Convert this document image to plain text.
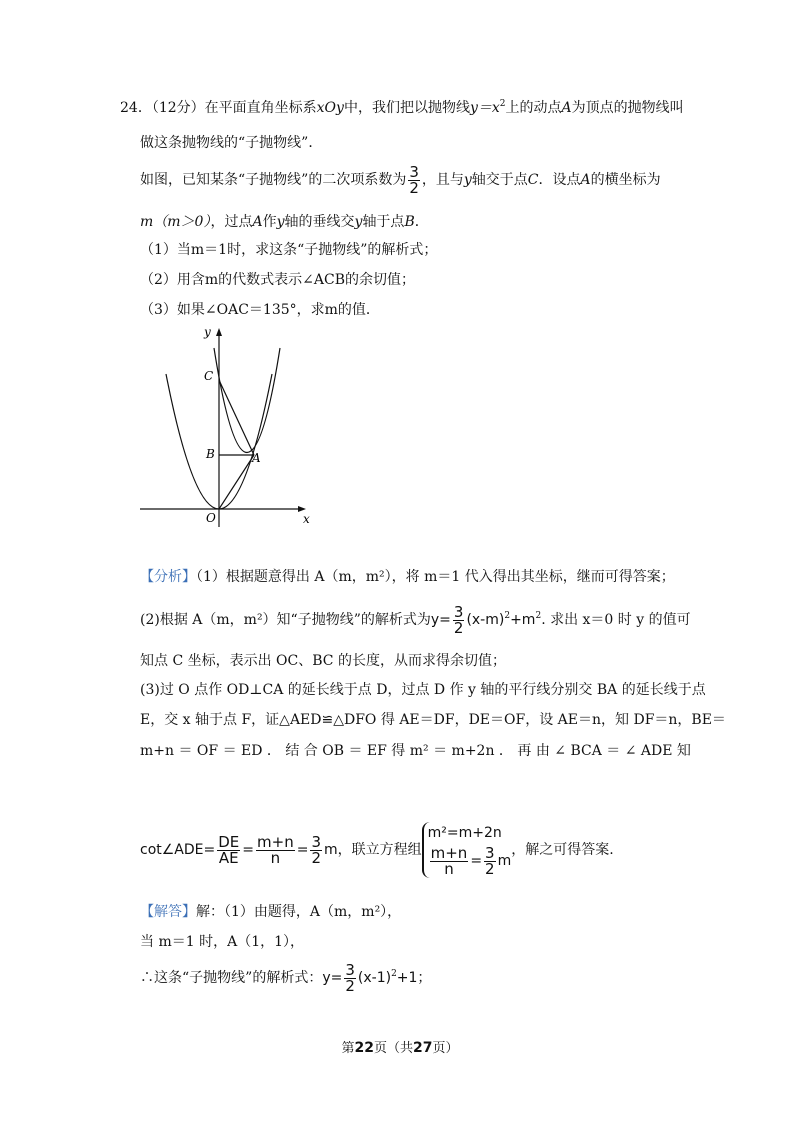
24．（12分）在平面直角坐标系xOy中，我们把以抛物线$y=x^2$上的动点A为顶点的抛物线叫
做这条抛物线的“子抛物线”．
如图，已知某条“子抛物线”的二次项系数为 $\frac{3}{2}$ ，且与y轴交于点C．设点A的横坐标为
m（m＞0），过点A作y轴的垂线交y轴于点B．
（1）当m＝1时，求这条“子抛物线”的解析式；
（2）用含m的代数式表示∠ACB的余切值；
（3）如果∠OAC＝135°，求m的值．
y
x
C
B	A
O
【分析】（1）根据题意得出 A（m，m²），将 m＝1 代入得出其坐标，继而可得答案；
(2)根据 A（m，m²）知“子抛物线”的解析式为$y= \frac{3}{2} (x-m)^2+m^2$. 求出 x＝0 时 y 的值可
知点 C 坐标，表示出 OC、BC 的长度，从而求得余切值；
(3)过 O 点作 OD⊥CA 的延长线于点 D，过点 D 作 y 轴的平行线分别交 BA 的延长线于点
E，交 x 轴于点 F，证△AED≌△DFO 得 AE＝DF，DE＝OF，设 AE＝n，知 DF＝n，BE＝
m+n ＝ OF ＝ ED ． 结 合 OB ＝ EF 得 m² ＝ m+2n ． 再 由 ∠ BCA ＝ ∠ ADE 知
cot∠ADE= $\frac{DE}{AE} = \frac{m+n}{n} = \frac{3}{2}$ m，联立方程组
m²=m+2n
$\frac{m+n}{n} = \frac{3}{2}$ m
，解之可得答案.
【解答】解：（1）由题得，A（m，m²），
当 m＝1 时，A（1，1），
∴这条“子抛物线”的解析式：$y= \frac{3}{2} (x-1)^2+1$；
第22页（共27页）
